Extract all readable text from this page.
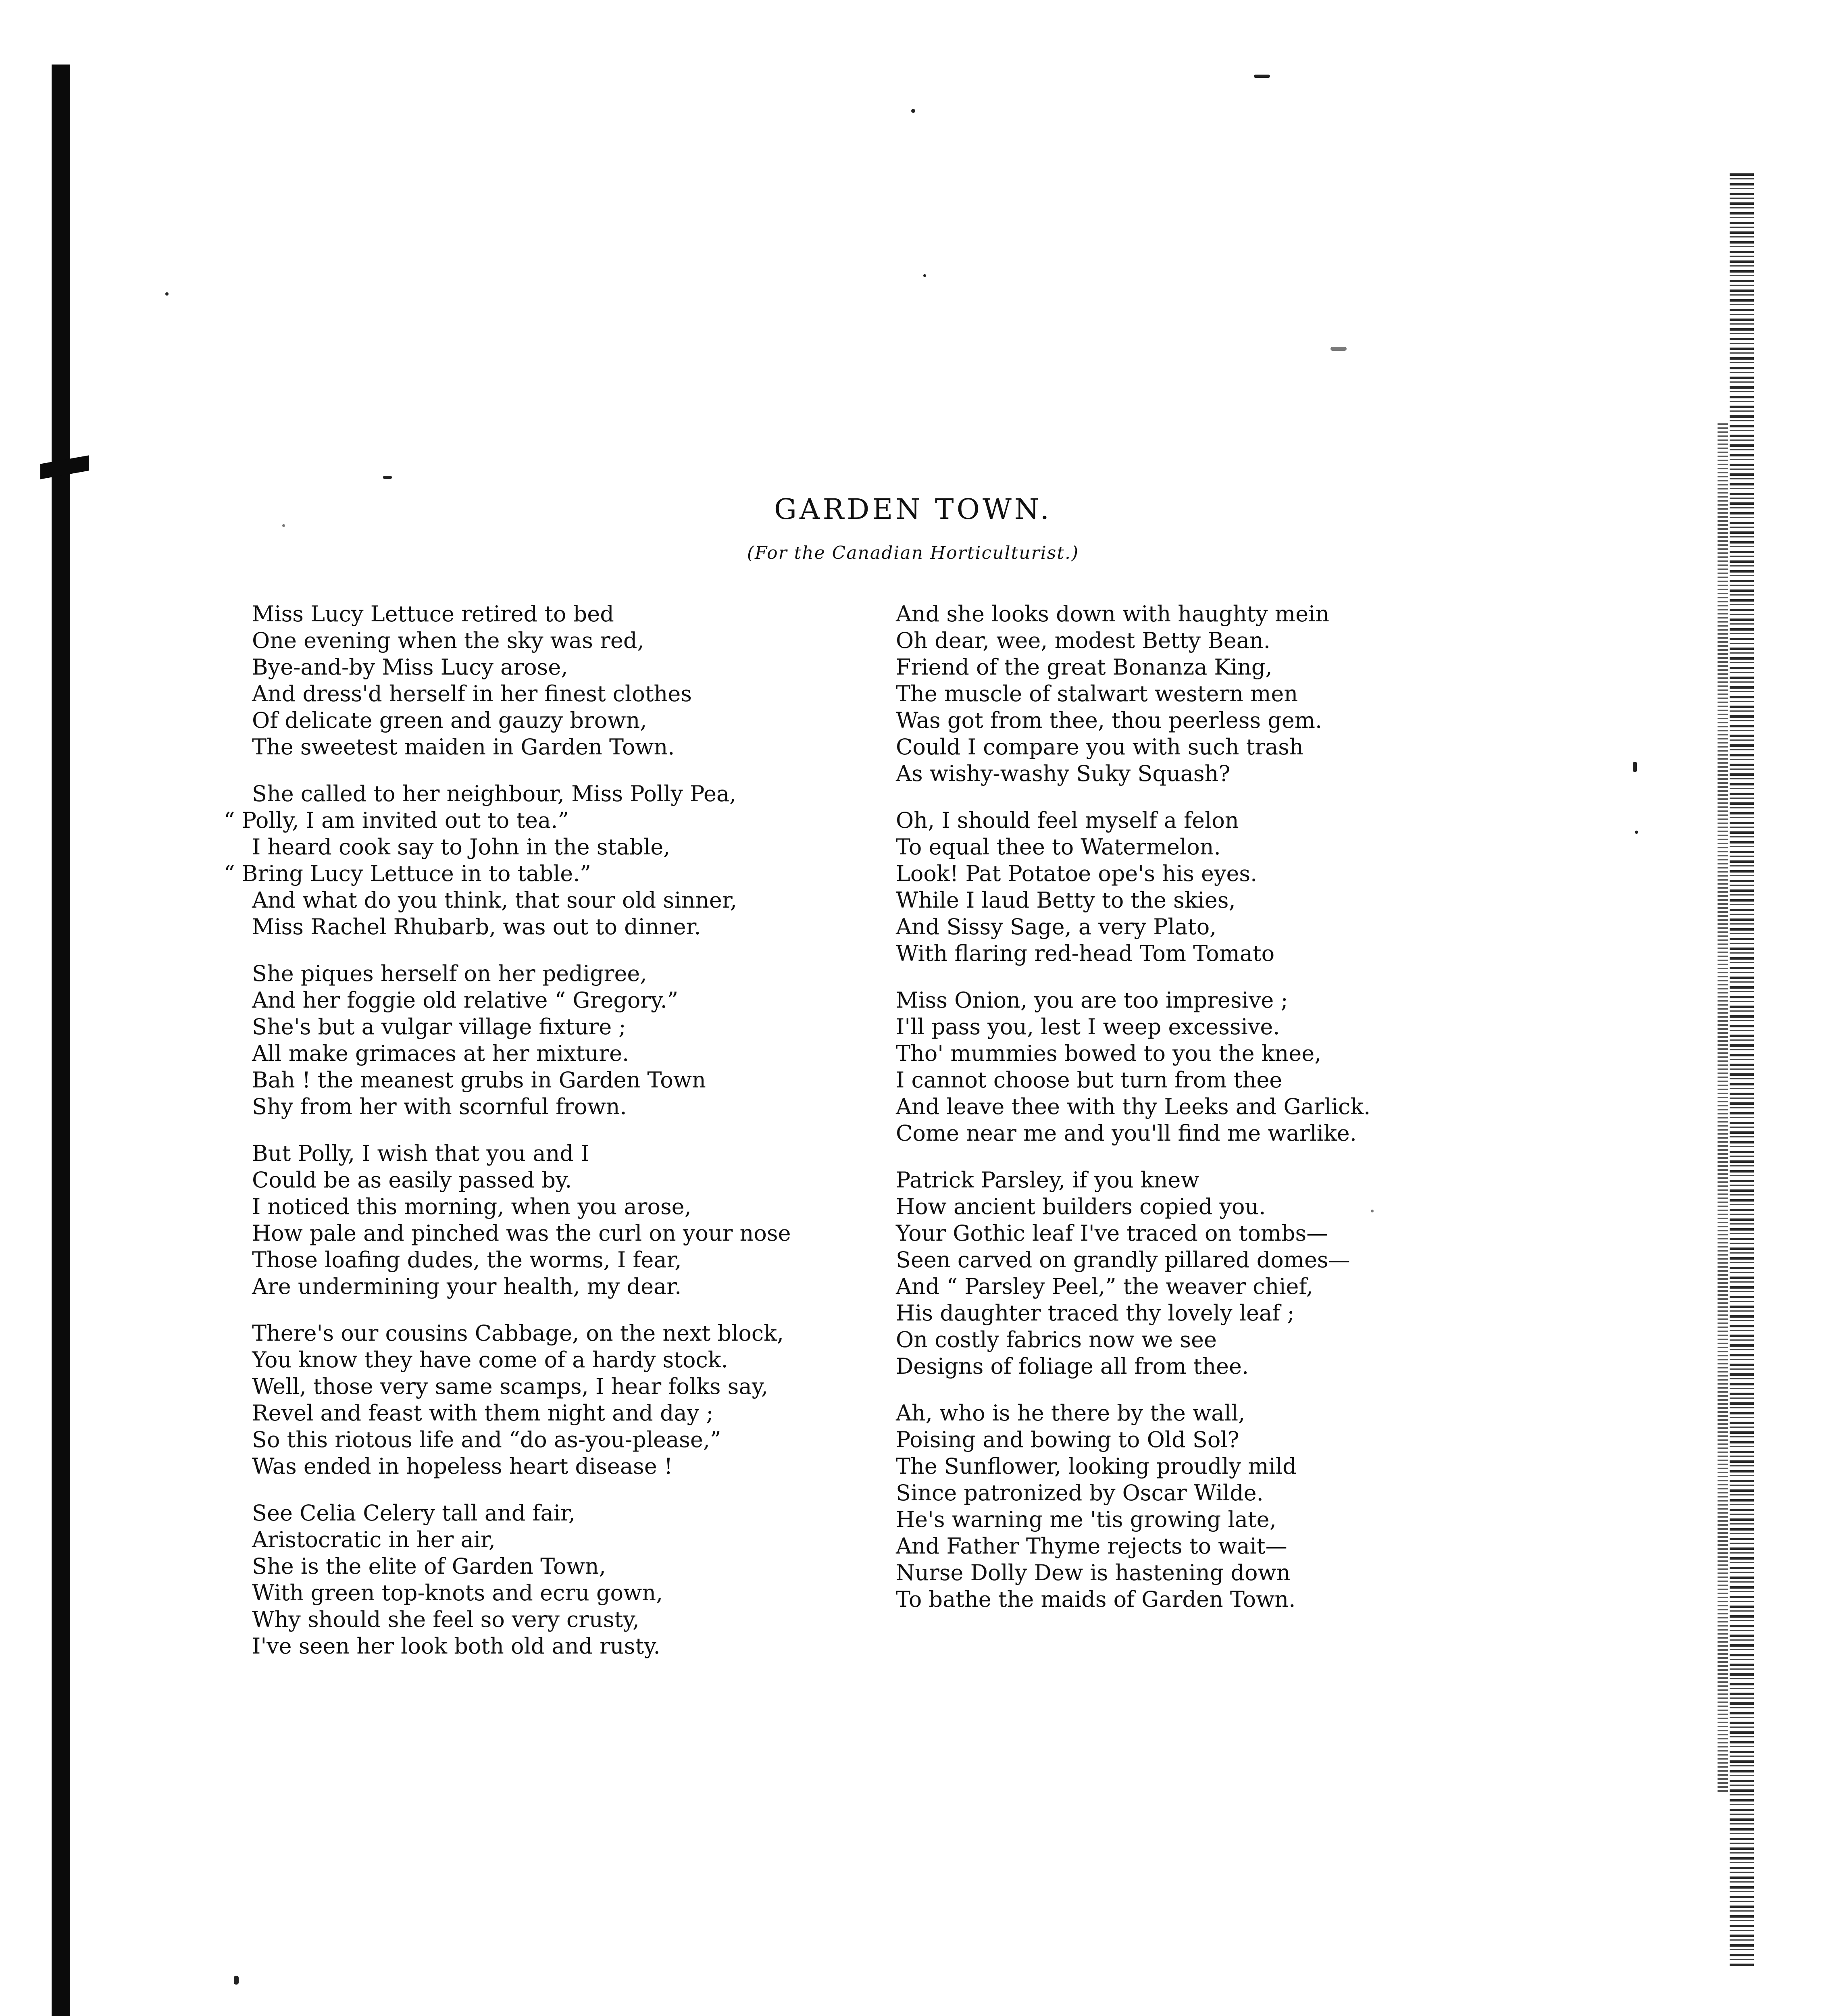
GARDEN TOWN.
(For the Canadian Horticulturist.)
Miss Lucy Lettuce retired to bed
One evening when the sky was red,
Bye-and-by Miss Lucy arose,
And dress'd herself in her finest clothes
Of delicate green and gauzy brown,
The sweetest maiden in Garden Town.
She called to her neighbour, Miss Polly Pea,
“ Polly, I am invited out to tea.”
I heard cook say to John in the stable,
“ Bring Lucy Lettuce in to table.”
And what do you think, that sour old sinner,
Miss Rachel Rhubarb, was out to dinner.
She piques herself on her pedigree,
And her foggie old relative “ Gregory.”
She's but a vulgar village fixture ;
All make grimaces at her mixture.
Bah ! the meanest grubs in Garden Town
Shy from her with scornful frown.
But Polly, I wish that you and I
Could be as easily passed by.
I noticed this morning, when you arose,
How pale and pinched was the curl on your nose
Those loafing dudes, the worms, I fear,
Are undermining your health, my dear.
There's our cousins Cabbage, on the next block,
You know they have come of a hardy stock.
Well, those very same scamps, I hear folks say,
Revel and feast with them night and day ;
So this riotous life and “do as-you-please,”
Was ended in hopeless heart disease !
See Celia Celery tall and fair,
Aristocratic in her air,
She is the elite of Garden Town,
With green top-knots and ecru gown,
Why should she feel so very crusty,
I've seen her look both old and rusty.
And she looks down with haughty mein
Oh dear, wee, modest Betty Bean.
Friend of the great Bonanza King,
The muscle of stalwart western men
Was got from thee, thou peerless gem.
Could I compare you with such trash
As wishy-washy Suky Squash?
Oh, I should feel myself a felon
To equal thee to Watermelon.
Look! Pat Potatoe ope's his eyes.
While I laud Betty to the skies,
And Sissy Sage, a very Plato,
With flaring red-head Tom Tomato
Miss Onion, you are too impresive ;
I'll pass you, lest I weep excessive.
Tho' mummies bowed to you the knee,
I cannot choose but turn from thee
And leave thee with thy Leeks and Garlick.
Come near me and you'll find me warlike.
Patrick Parsley, if you knew
How ancient builders copied you.
Your Gothic leaf I've traced on tombs—
Seen carved on grandly pillared domes—
And “ Parsley Peel,” the weaver chief,
His daughter traced thy lovely leaf ;
On costly fabrics now we see
Designs of foliage all from thee.
Ah, who is he there by the wall,
Poising and bowing to Old Sol?
The Sunflower, looking proudly mild
Since patronized by Oscar Wilde.
He's warning me 'tis growing late,
And Father Thyme rejects to wait—
Nurse Dolly Dew is hastening down
To bathe the maids of Garden Town.
